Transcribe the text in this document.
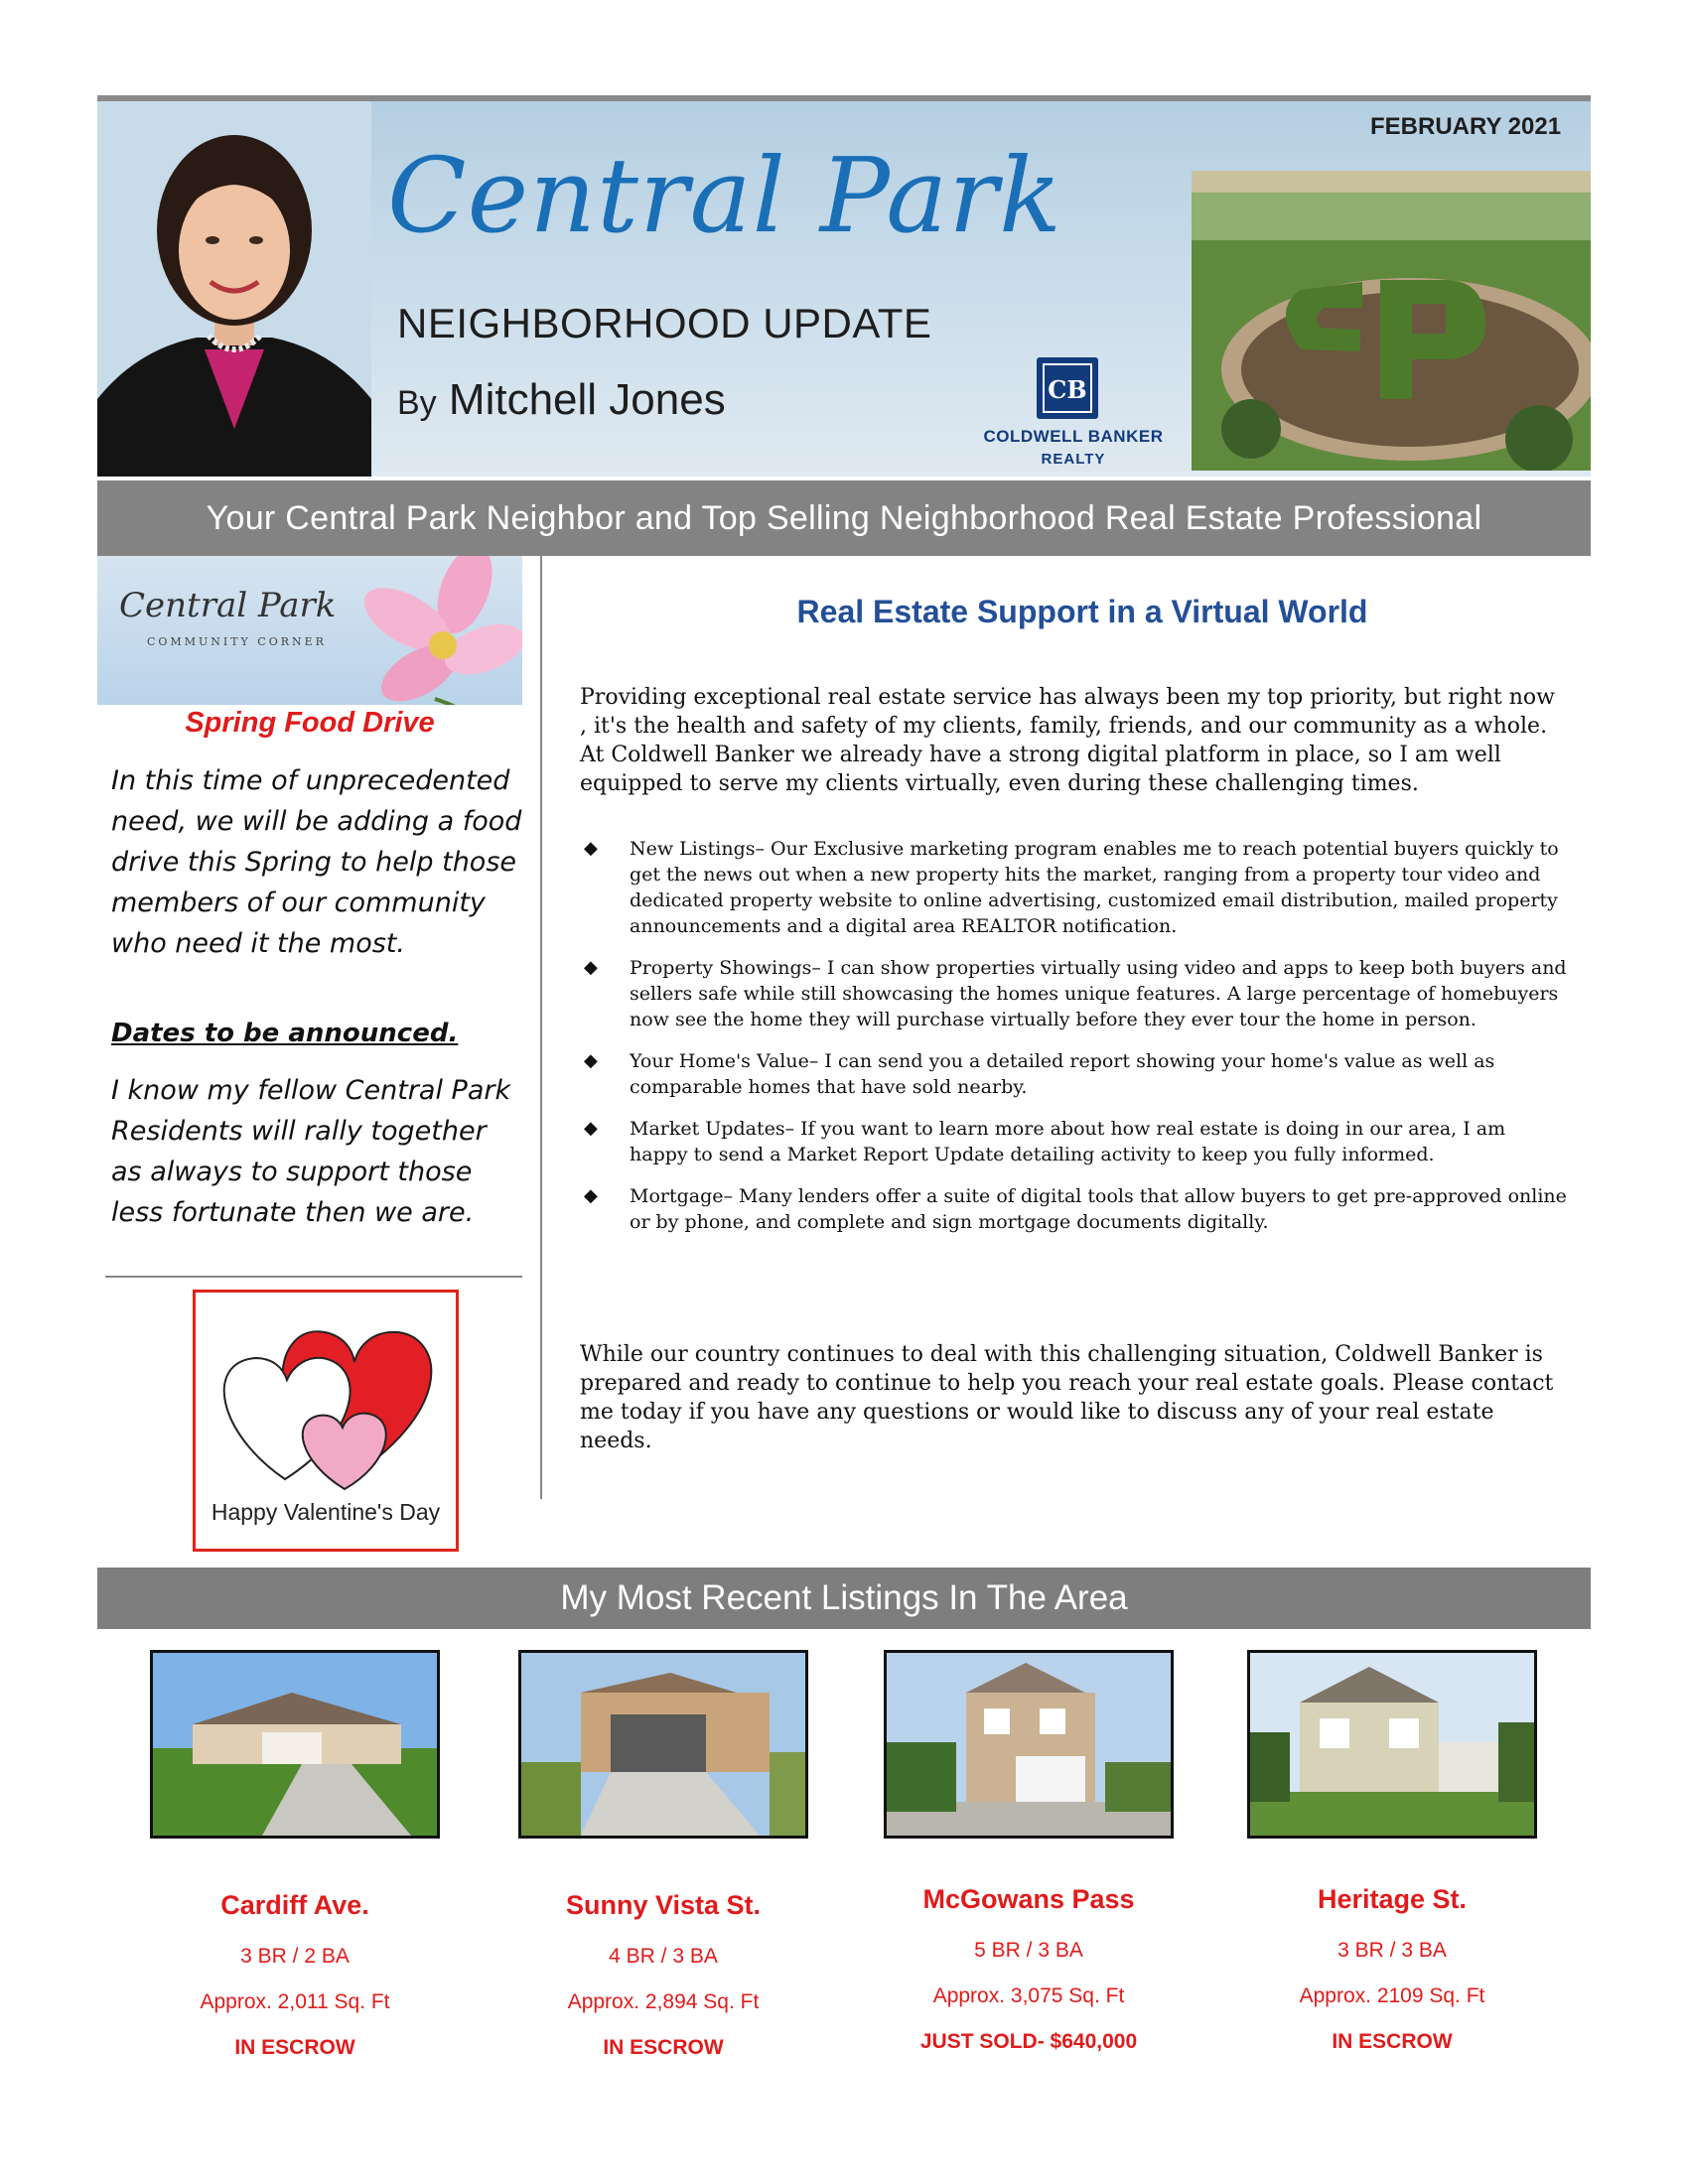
Central Park
NEIGHBORHOOD UPDATE
By Mitchell Jones
FEBRUARY 2021
CB
COLDWELL BANKER
REALTY
Your Central Park Neighbor and Top Selling Neighborhood Real Estate Professional
Central Park
COMMUNITY CORNER
Spring Food Drive
In this time of unprecedented need, we will be adding a food drive this Spring to help those members of our community who need it the most.
Dates to be announced.
I know my fellow Central Park Residents will rally together as always to support those less fortunate then we are.
Happy Valentine's Day
Real Estate Support in a Virtual World
Providing exceptional real estate service has always been my top priority, but right now , it's the health and safety of my clients, family, friends, and our community as a whole. At Coldwell Banker we already have a strong digital platform in place, so I am well equipped to serve my clients virtually, even during these challenging times.
◆ New Listings– Our Exclusive marketing program enables me to reach potential buyers quickly to get the news out when a new property hits the market, ranging from a property tour video and dedicated property website to online advertising, customized email distribution, mailed property announcements and a digital area REALTOR notification.
◆ Property Showings– I can show properties virtually using video and apps to keep both buyers and sellers safe while still showcasing the homes unique features. A large percentage of homebuyers now see the home they will purchase virtually before they ever tour the home in person.
◆ Your Home's Value– I can send you a detailed report showing your home's value as well as comparable homes that have sold nearby.
◆ Market Updates– If you want to learn more about how real estate is doing in our area, I am happy to send a Market Report Update detailing activity to keep you fully informed.
◆ Mortgage– Many lenders offer a suite of digital tools that allow buyers to get pre-approved online or by phone, and complete and sign mortgage documents digitally.
While our country continues to deal with this challenging situation, Coldwell Banker is prepared and ready to continue to help you reach your real estate goals. Please contact me today if you have any questions or would like to discuss any of your real estate needs.
My Most Recent Listings In The Area
Cardiff Ave.
3 BR / 2 BA
Approx. 2,011 Sq. Ft
IN ESCROW
Sunny Vista St.
4 BR / 3 BA
Approx. 2,894 Sq. Ft
IN ESCROW
McGowans Pass
5 BR / 3 BA
Approx. 3,075 Sq. Ft
JUST SOLD- $640,000
Heritage St.
3 BR / 3 BA
Approx. 2109 Sq. Ft
IN ESCROW
